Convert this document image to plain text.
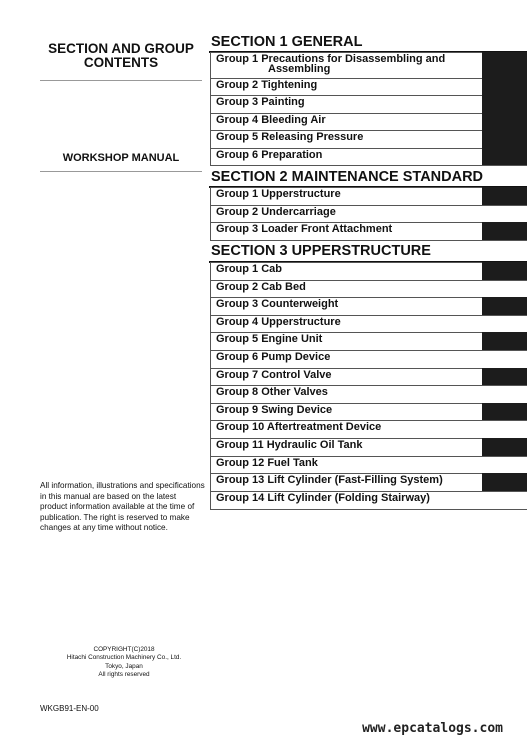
SECTION AND GROUP
CONTENTS
WORKSHOP MANUAL
All information, illustrations and specifications in this manual are based on the latest product information available at the time of publication. The right is reserved to make changes at any time without notice.
COPYRIGHT(C)2018
Hitachi Construction Machinery Co., Ltd.
Tokyo, Japan
All rights reserved
WKGB91-EN-00
www.epcatalogs.com
SECTION 1 GENERAL
Group 1 Precautions for Disassembling and
Assembling
Group 2 Tightening
Group 3 Painting
Group 4 Bleeding Air
Group 5 Releasing Pressure
Group 6 Preparation
SECTION 2 MAINTENANCE STANDARD
Group 1 Upperstructure
Group 2 Undercarriage
Group 3 Loader Front Attachment
SECTION 3 UPPERSTRUCTURE
Group 1 Cab
Group 2 Cab Bed
Group 3 Counterweight
Group 4 Upperstructure
Group 5 Engine Unit
Group 6 Pump Device
Group 7 Control Valve
Group 8 Other Valves
Group 9 Swing Device
Group 10 Aftertreatment Device
Group 11 Hydraulic Oil Tank
Group 12 Fuel Tank
Group 13 Lift Cylinder (Fast-Filling System)
Group 14 Lift Cylinder (Folding Stairway)
